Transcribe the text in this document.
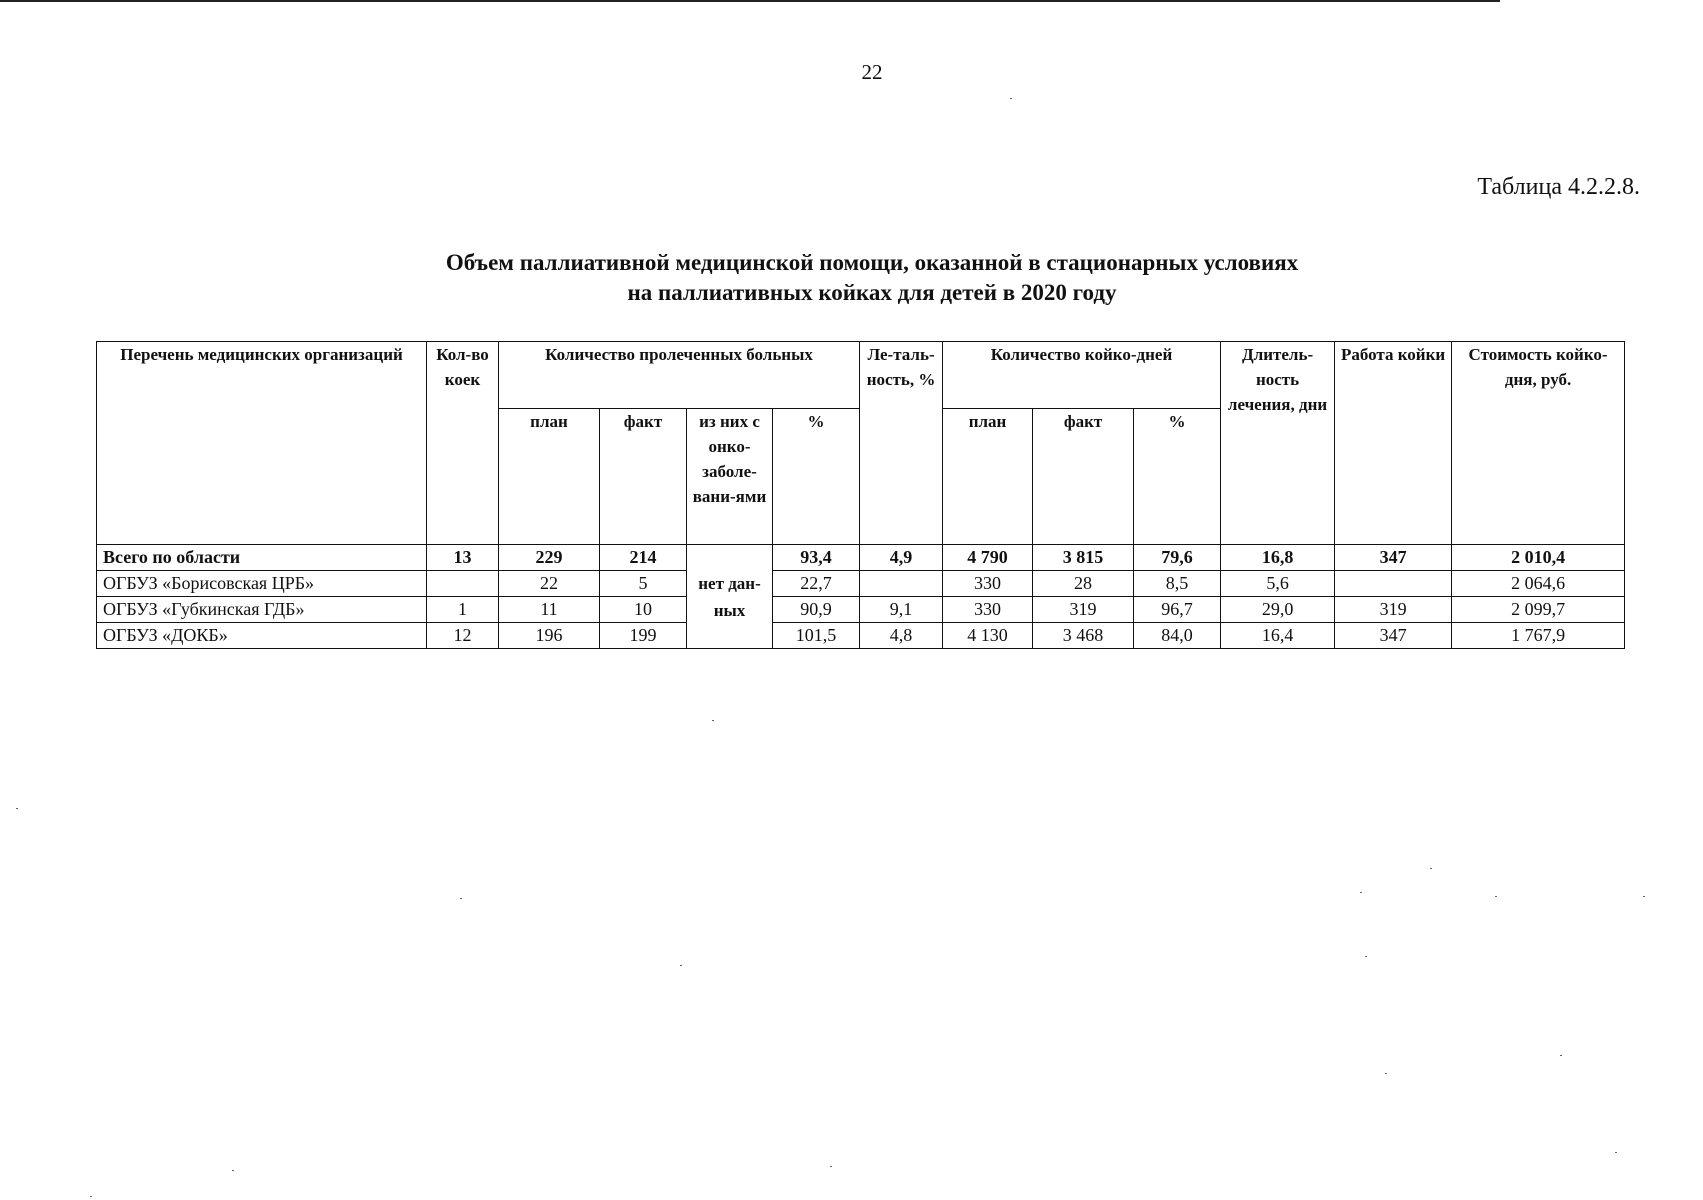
22
Таблица 4.2.2.8.
Объем паллиативной медицинской помощи, оказанной в стационарных условиях
на паллиативных койках для детей в 2020 году
Перечень медицинских организаций	Кол-во коек	Количество пролеченных больных				Ле-таль-ность, %	Количество койко-дней			Длитель-ность лечения, дни	Работа койки	Стоимость койко-дня, руб.
		план	факт	из них с онко-заболе-вани-ями	%		план	факт	%			
Всего по области	13	229	214	нет дан-ных	93,4	4,9	4 790	3 815	79,6	16,8	347	2 010,4
ОГБУЗ «Борисовская ЦРБ»		22	5		22,7		330	28	8,5	5,6		2 064,6
ОГБУЗ «Губкинская ГДБ»	1	11	10		90,9	9,1	330	319	96,7	29,0	319	2 099,7
ОГБУЗ «ДОКБ»	12	196	199		101,5	4,8	4 130	3 468	84,0	16,4	347	1 767,9
